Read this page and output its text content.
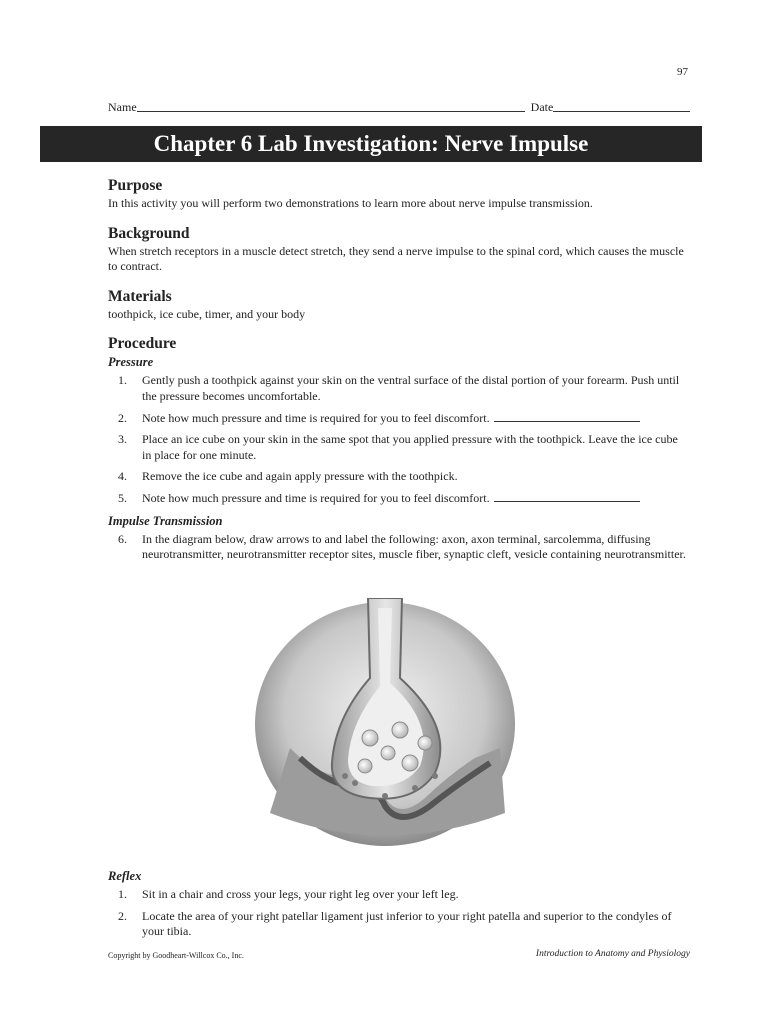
97
Name	Date
Chapter 6 Lab Investigation: Nerve Impulse
Purpose

In this activity you will perform two demonstrations to learn more about nerve impulse transmission.

Background

When stretch receptors in a muscle detect stretch, they send a nerve impulse to the spinal cord, which causes the muscle to contract.

Materials

toothpick, ice cube, timer, and your body

Procedure
Pressure
1.	Gently push a toothpick against your skin on the ventral surface of the distal portion of your forearm. Push until the pressure becomes uncomfortable.
2.	Note how much pressure and time is required for you to feel discomfort.
3.	Place an ice cube on your skin in the same spot that you applied pressure with the toothpick. Leave the ice cube in place for one minute.
4.	Remove the ice cube and again apply pressure with the toothpick.
5.	Note how much pressure and time is required for you to feel discomfort.
Impulse Transmission
6.	In the diagram below, draw arrows to and label the following: axon, axon terminal, sarcolemma, diffusing neurotransmitter, neurotransmitter receptor sites, muscle fiber, synaptic cleft, vesicle containing neurotransmitter.
Reflex
1.	Sit in a chair and cross your legs, your right leg over your left leg.
2.	Locate the area of your right patellar ligament just inferior to your right patella and superior to the condyles of your tibia.
Copyright by Goodheart-Willcox Co., Inc.	Introduction to Anatomy and Physiology
